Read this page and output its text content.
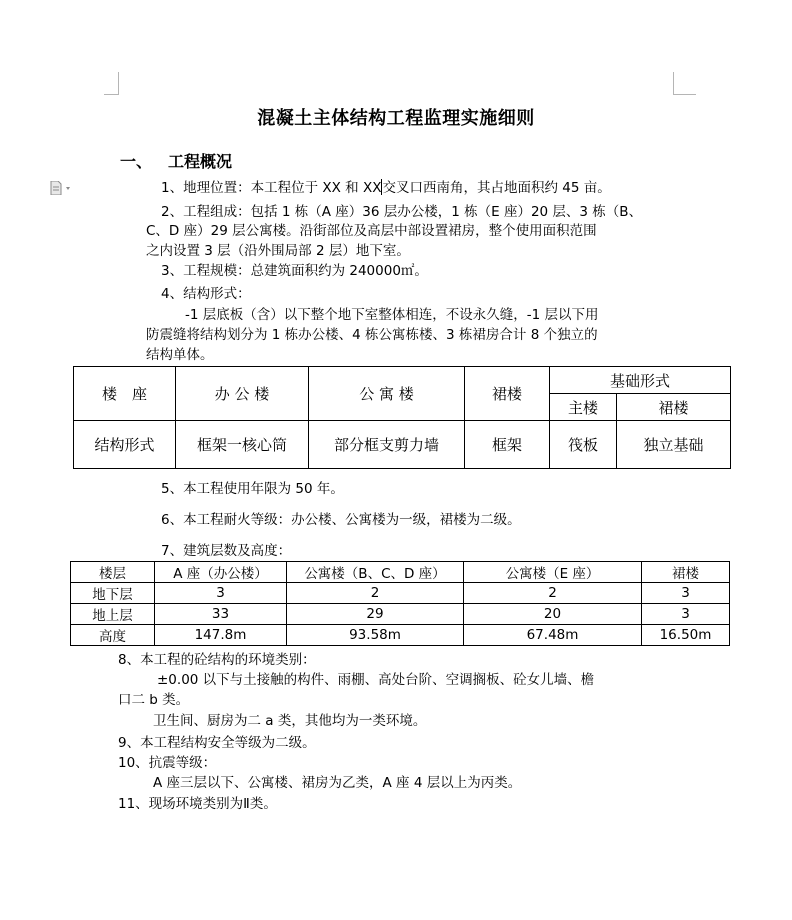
混凝土主体结构工程监理实施细则
一、 工程概况
1、地理位置：本工程位于 XX 和 XX交叉口西南角，其占地面积约 45 亩。
2、工程组成：包括 1 栋（A 座）36 层办公楼，1 栋（E 座）20 层、3 栋（B、
C、D 座）29 层公寓楼。沿街部位及高层中部设置裙房，整个使用面积范围
之内设置 3 层（沿外围局部 2 层）地下室。
3、工程规模：总建筑面积约为 240000㎡。
4、结构形式：
-1 层底板（含）以下整个地下室整体相连，不设永久缝，-1 层以下用
防震缝将结构划分为 1 栋办公楼、4 栋公寓栋楼、3 栋裙房合计 8 个独立的
结构单体。
楼　座	办 公 楼	公 寓 楼	裙楼	基础形式	
				主楼	裙楼
结构形式	框架一核心筒	部分框支剪力墙	框架	筏板	独立基础
5、本工程使用年限为 50 年。
6、本工程耐火等级：办公楼、公寓楼为一级，裙楼为二级。
7、建筑层数及高度：
楼层	A 座（办公楼）	公寓楼（B、C、D 座）	公寓楼（E 座）	裙楼
地下层	3	2	2	3
地上层	33	29	20	3
高度	147.8m	93.58m	67.48m	16.50m
8、本工程的砼结构的环境类别：
±0.00 以下与土接触的构件、雨棚、高处台阶、空调搁板、砼女儿墙、檐
口二 b 类。
卫生间、厨房为二 a 类，其他均为一类环境。
9、本工程结构安全等级为二级。
10、抗震等级：
A 座三层以下、公寓楼、裙房为乙类，A 座 4 层以上为丙类。
11、现场环境类别为Ⅱ类。
